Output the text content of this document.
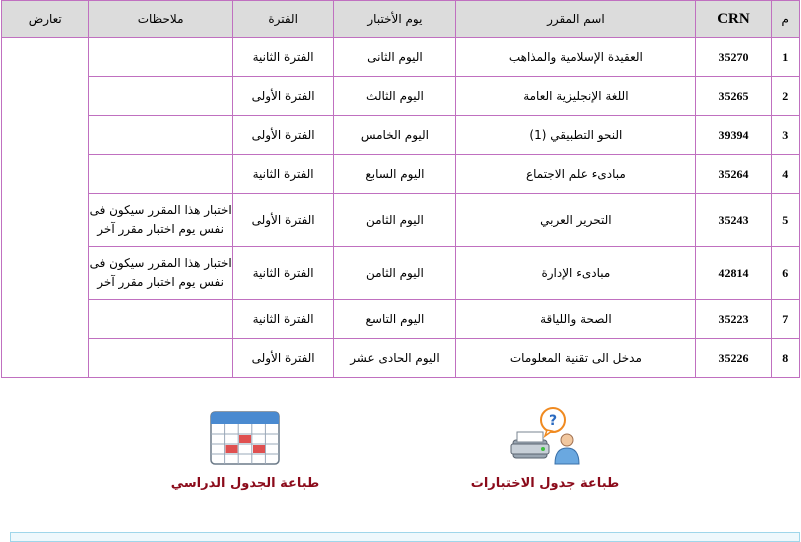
م	CRN	اسم المقرر	يوم الأختبار	الفترة	ملاحظات	تعارض
1	35270	العقيدة الإسلامية والمذاهب	اليوم الثانى	الفترة الثانية		
2	35265	اللغة الإنجليزية العامة	اليوم الثالث	الفترة الأولى		
3	39394	النحو التطبيقي (1)	اليوم الخامس	الفترة الأولى		
4	35264	مبادىء علم الاجتماع	اليوم السابع	الفترة الثانية		
5	35243	التحرير العربي	اليوم الثامن	الفترة الأولى	اختبار هذا المقرر سيكون فى نفس يوم اختبار مقرر آخر	
6	42814	مبادىء الإدارة	اليوم الثامن	الفترة الثانية	اختبار هذا المقرر سيكون فى نفس يوم اختبار مقرر آخر	
7	35223	الصحة واللياقة	اليوم التاسع	الفترة الثانية		
8	35226	مدخل الى تقنية المعلومات	اليوم الحادى عشر	الفترة الأولى		
?
طباعة جدول الاختبارات
طباعة الجدول الدراسي
